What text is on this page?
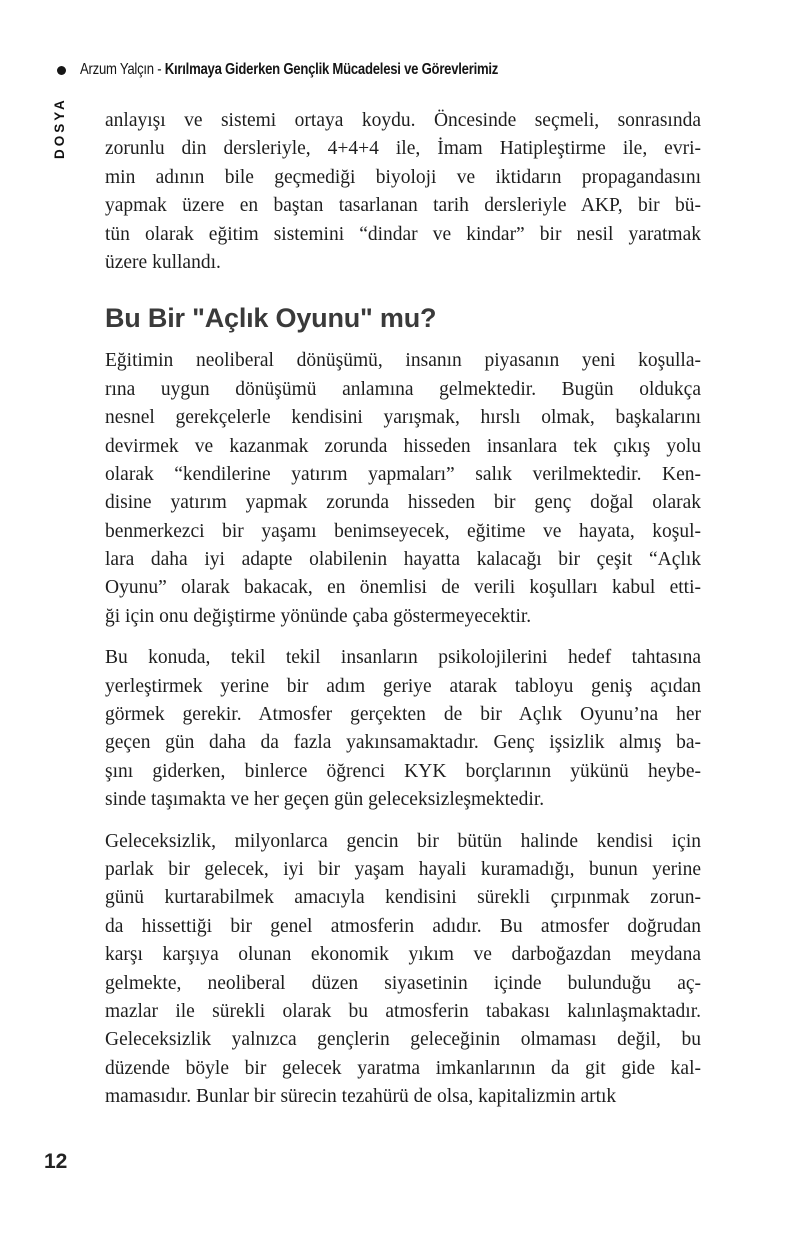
Arzum Yalçın - Kırılmaya Giderken Gençlik Mücadelesi ve Görevlerimiz
DOSYA anlayışı ve sistemi ortaya koydu. Öncesinde seçmeli, sonrasında
zorunlu din dersleriyle, 4+4+4 ile, İmam Hatipleştirme ile, evri-
min adının bile geçmediği biyoloji ve iktidarın propagandasını
yapmak üzere en baştan tasarlanan tarih dersleriyle AKP, bir bü-
tün olarak eğitim sistemini “dindar ve kindar” bir nesil yaratmak
üzere kullandı.
Bu Bir "Açlık Oyunu" mu?
Eğitimin neoliberal dönüşümü, insanın piyasanın yeni koşulla-
rına uygun dönüşümü anlamına gelmektedir. Bugün oldukça
nesnel gerekçelerle kendisini yarışmak, hırslı olmak, başkalarını
devirmek ve kazanmak zorunda hisseden insanlara tek çıkış yolu
olarak “kendilerine yatırım yapmaları” salık verilmektedir. Ken-
disine yatırım yapmak zorunda hisseden bir genç doğal olarak
benmerkezci bir yaşamı benimseyecek, eğitime ve hayata, koşul-
lara daha iyi adapte olabilenin hayatta kalacağı bir çeşit “Açlık
Oyunu” olarak bakacak, en önemlisi de verili koşulları kabul etti-
ği için onu değiştirme yönünde çaba göstermeyecektir.
Bu konuda, tekil tekil insanların psikolojilerini hedef tahtasına
yerleştirmek yerine bir adım geriye atarak tabloyu geniş açıdan
görmek gerekir. Atmosfer gerçekten de bir Açlık Oyunu’na her
geçen gün daha da fazla yakınsamaktadır. Genç işsizlik almış ba-
şını giderken, binlerce öğrenci KYK borçlarının yükünü heybe-
sinde taşımakta ve her geçen gün geleceksizleşmektedir.
Geleceksizlik, milyonlarca gencin bir bütün halinde kendisi için
parlak bir gelecek, iyi bir yaşam hayali kuramadığı, bunun yerine
günü kurtarabilmek amacıyla kendisini sürekli çırpınmak zorun-
da hissettiği bir genel atmosferin adıdır. Bu atmosfer doğrudan
karşı karşıya olunan ekonomik yıkım ve darboğazdan meydana
gelmekte, neoliberal düzen siyasetinin içinde bulunduğu aç-
mazlar ile sürekli olarak bu atmosferin tabakası kalınlaşmaktadır.
Geleceksizlik yalnızca gençlerin geleceğinin olmaması değil, bu
düzende böyle bir gelecek yaratma imkanlarının da git gide kal-
mamasıdır. Bunlar bir sürecin tezahürü de olsa, kapitalizmin artık
12
